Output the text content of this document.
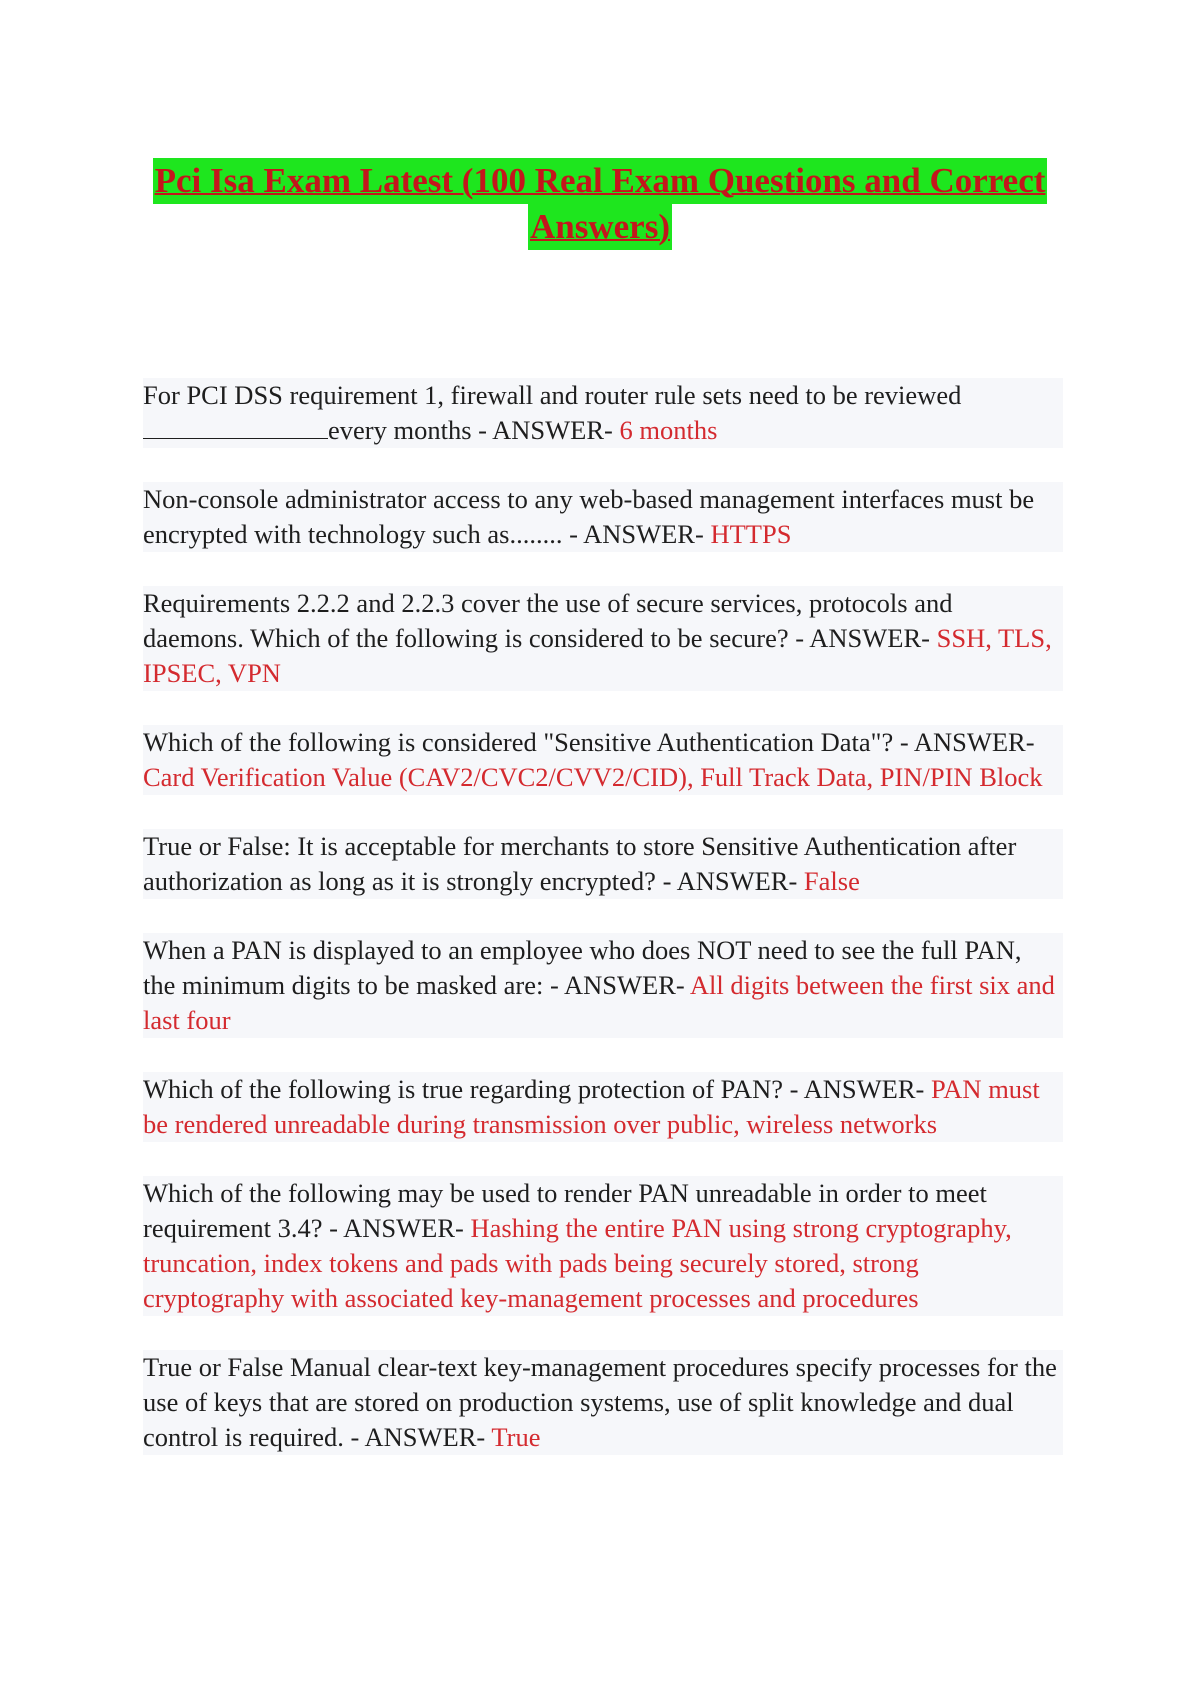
Pci Isa Exam Latest (100 Real Exam Questions and Correct
Answers)

For PCI DSS requirement 1, firewall and router rule sets need to be reviewed every months - ANSWER- 6 months

Non-console administrator access to any web-based management interfaces must be encrypted with technology such as........ - ANSWER- HTTPS

Requirements 2.2.2 and 2.2.3 cover the use of secure services, protocols and daemons. Which of the following is considered to be secure? - ANSWER- SSH, TLS, IPSEC, VPN

Which of the following is considered "Sensitive Authentication Data"? - ANSWER- Card Verification Value (CAV2/CVC2/CVV2/CID), Full Track Data, PIN/PIN Block

True or False: It is acceptable for merchants to store Sensitive Authentication after authorization as long as it is strongly encrypted? - ANSWER- False

When a PAN is displayed to an employee who does NOT need to see the full PAN, the minimum digits to be masked are: - ANSWER- All digits between the first six and last four

Which of the following is true regarding protection of PAN? - ANSWER- PAN must be rendered unreadable during transmission over public, wireless networks

Which of the following may be used to render PAN unreadable in order to meet requirement 3.4? - ANSWER- Hashing the entire PAN using strong cryptography, truncation, index tokens and pads with pads being securely stored, strong cryptography with associated key-management processes and procedures

True or False Manual clear-text key-management procedures specify processes for the use of keys that are stored on production systems, use of split knowledge and dual control is required. - ANSWER- True
